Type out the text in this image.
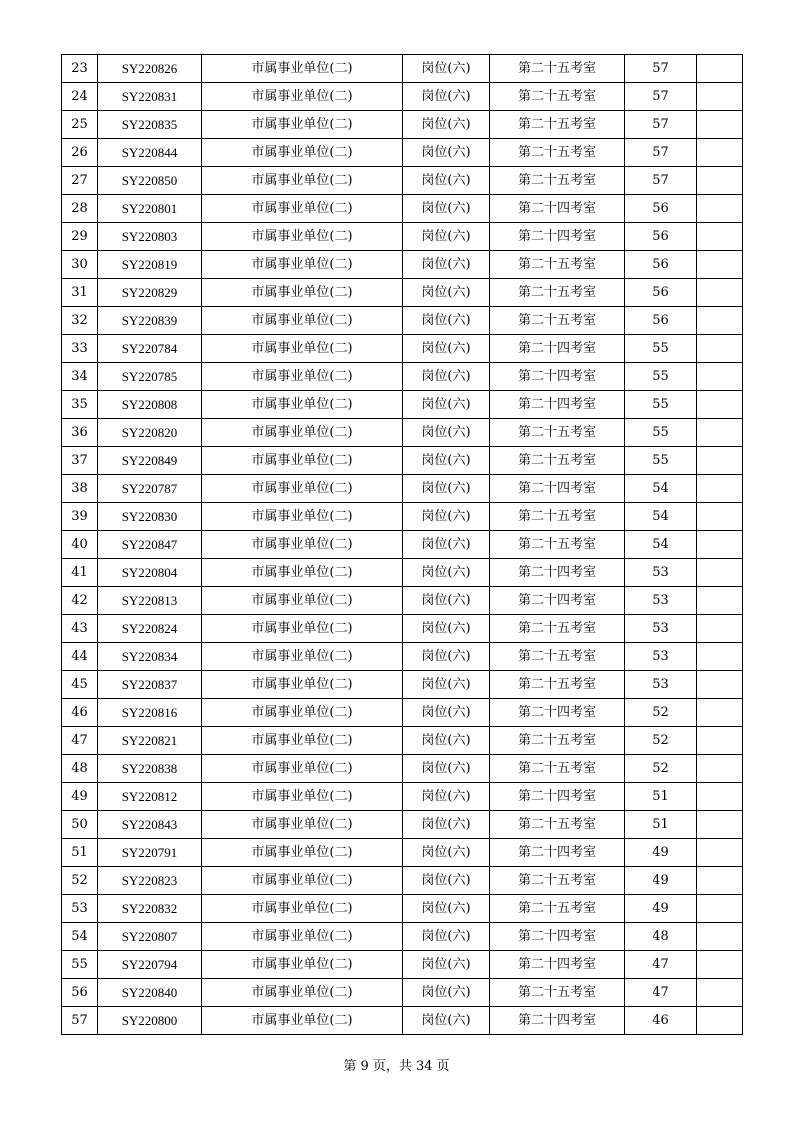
23	SY220826	市属事业单位(二)	岗位(六)	第二十五考室	57	
24	SY220831	市属事业单位(二)	岗位(六)	第二十五考室	57	
25	SY220835	市属事业单位(二)	岗位(六)	第二十五考室	57	
26	SY220844	市属事业单位(二)	岗位(六)	第二十五考室	57	
27	SY220850	市属事业单位(二)	岗位(六)	第二十五考室	57	
28	SY220801	市属事业单位(二)	岗位(六)	第二十四考室	56	
29	SY220803	市属事业单位(二)	岗位(六)	第二十四考室	56	
30	SY220819	市属事业单位(二)	岗位(六)	第二十五考室	56	
31	SY220829	市属事业单位(二)	岗位(六)	第二十五考室	56	
32	SY220839	市属事业单位(二)	岗位(六)	第二十五考室	56	
33	SY220784	市属事业单位(二)	岗位(六)	第二十四考室	55	
34	SY220785	市属事业单位(二)	岗位(六)	第二十四考室	55	
35	SY220808	市属事业单位(二)	岗位(六)	第二十四考室	55	
36	SY220820	市属事业单位(二)	岗位(六)	第二十五考室	55	
37	SY220849	市属事业单位(二)	岗位(六)	第二十五考室	55	
38	SY220787	市属事业单位(二)	岗位(六)	第二十四考室	54	
39	SY220830	市属事业单位(二)	岗位(六)	第二十五考室	54	
40	SY220847	市属事业单位(二)	岗位(六)	第二十五考室	54	
41	SY220804	市属事业单位(二)	岗位(六)	第二十四考室	53	
42	SY220813	市属事业单位(二)	岗位(六)	第二十四考室	53	
43	SY220824	市属事业单位(二)	岗位(六)	第二十五考室	53	
44	SY220834	市属事业单位(二)	岗位(六)	第二十五考室	53	
45	SY220837	市属事业单位(二)	岗位(六)	第二十五考室	53	
46	SY220816	市属事业单位(二)	岗位(六)	第二十四考室	52	
47	SY220821	市属事业单位(二)	岗位(六)	第二十五考室	52	
48	SY220838	市属事业单位(二)	岗位(六)	第二十五考室	52	
49	SY220812	市属事业单位(二)	岗位(六)	第二十四考室	51	
50	SY220843	市属事业单位(二)	岗位(六)	第二十五考室	51	
51	SY220791	市属事业单位(二)	岗位(六)	第二十四考室	49	
52	SY220823	市属事业单位(二)	岗位(六)	第二十五考室	49	
53	SY220832	市属事业单位(二)	岗位(六)	第二十五考室	49	
54	SY220807	市属事业单位(二)	岗位(六)	第二十四考室	48	
55	SY220794	市属事业单位(二)	岗位(六)	第二十四考室	47	
56	SY220840	市属事业单位(二)	岗位(六)	第二十五考室	47	
57	SY220800	市属事业单位(二)	岗位(六)	第二十四考室	46	
第 9 页，共 34 页
